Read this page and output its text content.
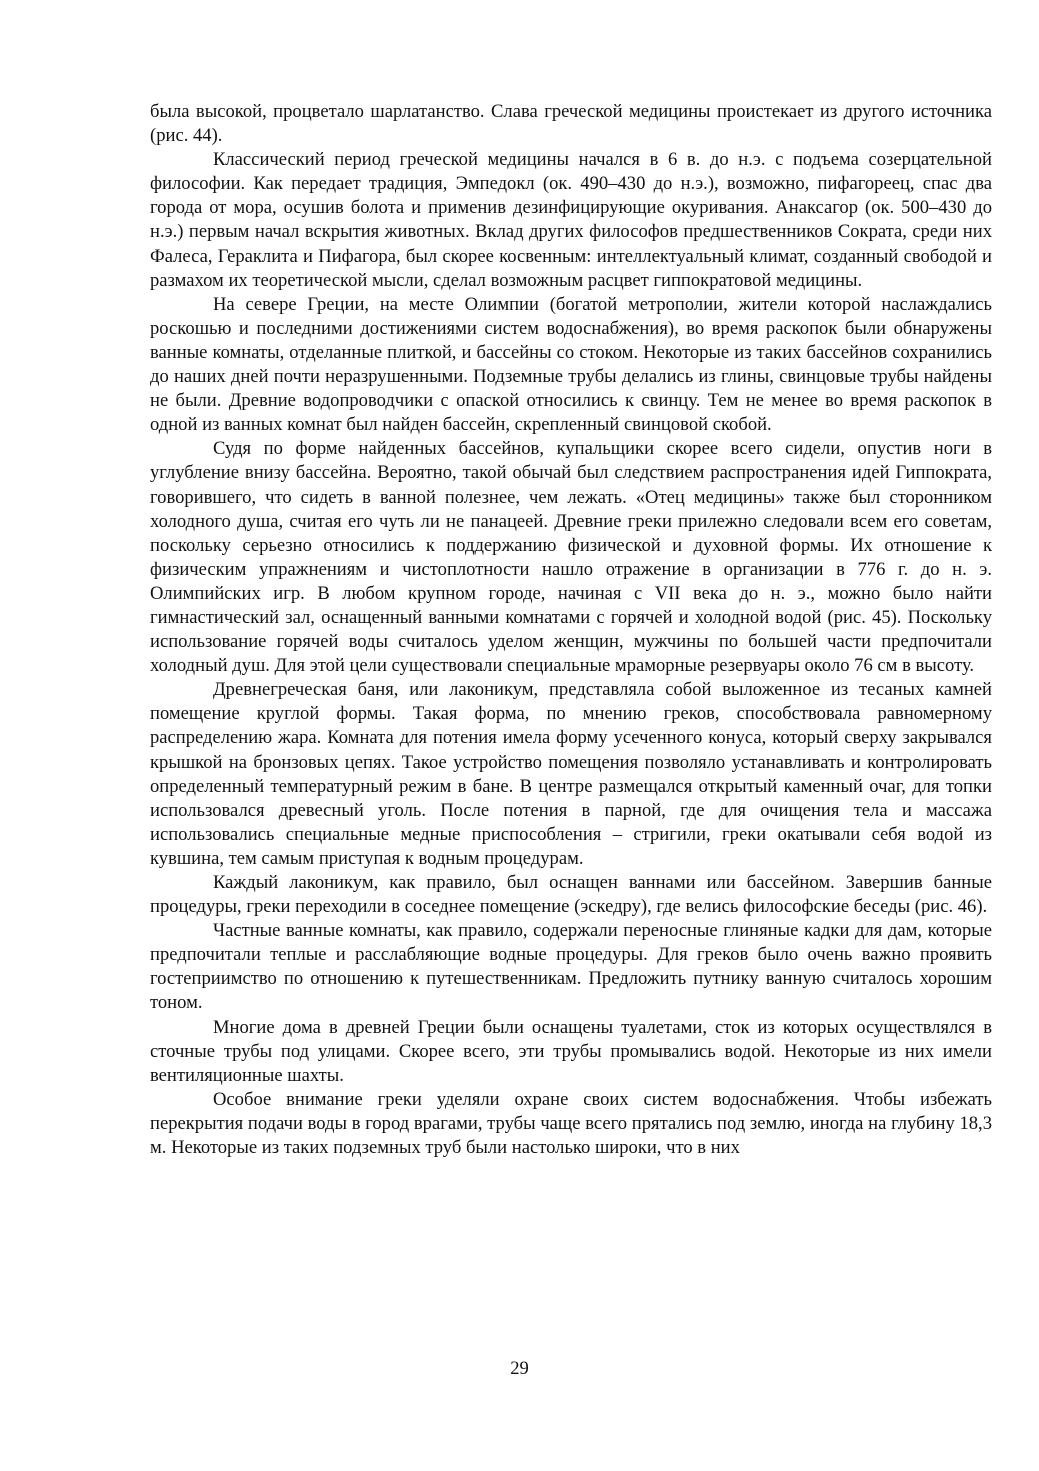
была высокой, процветало шарлатанство. Слава греческой медицины проистекает из другого источника (рис. 44).

Классический период греческой медицины начался в 6 в. до н.э. с подъема созерцательной философии. Как передает традиция, Эмпедокл (ок. 490–430 до н.э.), возможно, пифагореец, спас два города от мора, осушив болота и применив дезинфицирующие окуривания. Анаксагор (ок. 500–430 до н.э.) первым начал вскрытия животных. Вклад других философов предшественников Сократа, среди них Фалеса, Гераклита и Пифагора, был скорее косвенным: интеллектуальный климат, созданный свободой и размахом их теоретической мысли, сделал возможным расцвет гиппократовой медицины.

На севере Греции, на месте Олимпии (богатой метрополии, жители которой наслаждались роскошью и последними достижениями систем водоснабжения), во время раскопок были обнаружены ванные комнаты, отделанные плиткой, и бассейны со стоком. Некоторые из таких бассейнов сохранились до наших дней почти неразрушенными. Подземные трубы делались из глины, свинцовые трубы найдены не были. Древние водопроводчики с опаской относились к свинцу. Тем не менее во время раскопок в одной из ванных комнат был найден бассейн, скрепленный свинцовой скобой.

Судя по форме найденных бассейнов, купальщики скорее всего сидели, опустив ноги в углубление внизу бассейна. Вероятно, такой обычай был следствием распространения идей Гиппократа, говорившего, что сидеть в ванной полезнее, чем лежать. «Отец медицины» также был сторонником холодного душа, считая его чуть ли не панацеей. Древние греки прилежно следовали всем его советам, поскольку серьезно относились к поддержанию физической и духовной формы. Их отношение к физическим упражнениям и чистоплотности нашло отражение в организации в 776 г. до н. э. Олимпийских игр. В любом крупном городе, начиная с VII века до н. э., можно было найти гимнастический зал, оснащенный ванными комнатами с горячей и холодной водой (рис. 45). Поскольку использование горячей воды считалось уделом женщин, мужчины по большей части предпочитали холодный душ. Для этой цели существовали специальные мраморные резервуары около 76 см в высоту.

Древнегреческая баня, или лаконикум, представляла собой выложенное из тесаных камней помещение круглой формы. Такая форма, по мнению греков, способствовала равномерному распределению жара. Комната для потения имела форму усеченного конуса, который сверху закрывался крышкой на бронзовых цепях. Такое устройство помещения позволяло устанавливать и контролировать определенный температурный режим в бане. В центре размещался открытый каменный очаг, для топки использовался древесный уголь. После потения в парной, где для очищения тела и массажа использовались специальные медные приспособления – стригили, греки окатывали себя водой из кувшина, тем самым приступая к водным процедурам.

Каждый лаконикум, как правило, был оснащен ваннами или бассейном. Завершив банные процедуры, греки переходили в соседнее помещение (эскедру), где велись философские беседы (рис. 46).

Частные ванные комнаты, как правило, содержали переносные глиняные кадки для дам, которые предпочитали теплые и расслабляющие водные процедуры. Для греков было очень важно проявить гостеприимство по отношению к путешественникам. Предложить путнику ванную считалось хорошим тоном.

Многие дома в древней Греции были оснащены туалетами, сток из которых осуществлялся в сточные трубы под улицами. Скорее всего, эти трубы промывались водой. Некоторые из них имели вентиляционные шахты.

Особое внимание греки уделяли охране своих систем водоснабжения. Чтобы избежать перекрытия подачи воды в город врагами, трубы чаще всего прятались под землю, иногда на глубину 18,3 м. Некоторые из таких подземных труб были настолько широки, что в них

29
